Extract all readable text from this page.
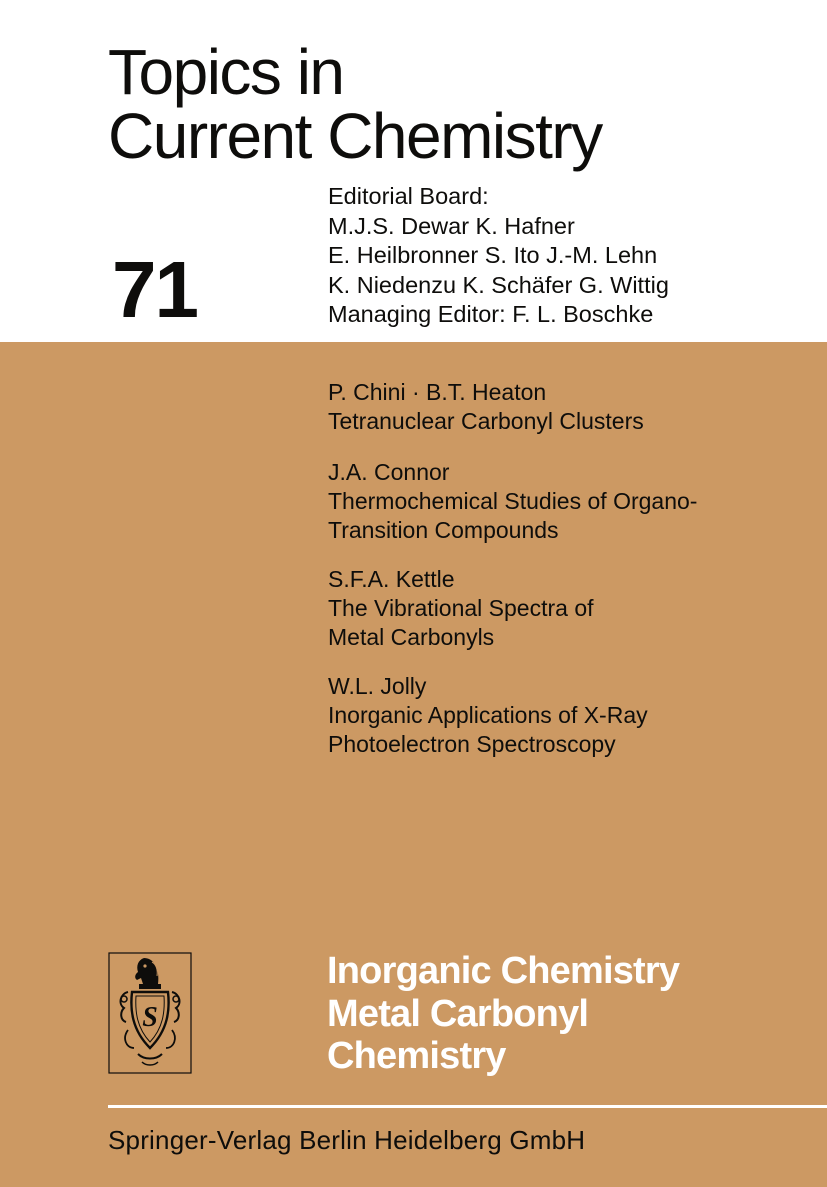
Topics in
Current Chemistry
71
Editorial Board:
M.J.S. Dewar K. Hafner
E. Heilbronner S. Ito J.-M. Lehn
K. Niedenzu K. Schäfer G. Wittig
Managing Editor: F. L. Boschke
P. Chini · B.T. Heaton
Tetranuclear Carbonyl Clusters
J.A. Connor
Thermochemical Studies of Organo-
Transition Compounds
S.F.A. Kettle
The Vibrational Spectra of
Metal Carbonyls
W.L. Jolly
Inorganic Applications of X-Ray
Photoelectron Spectroscopy
S
Inorganic Chemistry
Metal Carbonyl
Chemistry
Springer-Verlag Berlin Heidelberg GmbH
